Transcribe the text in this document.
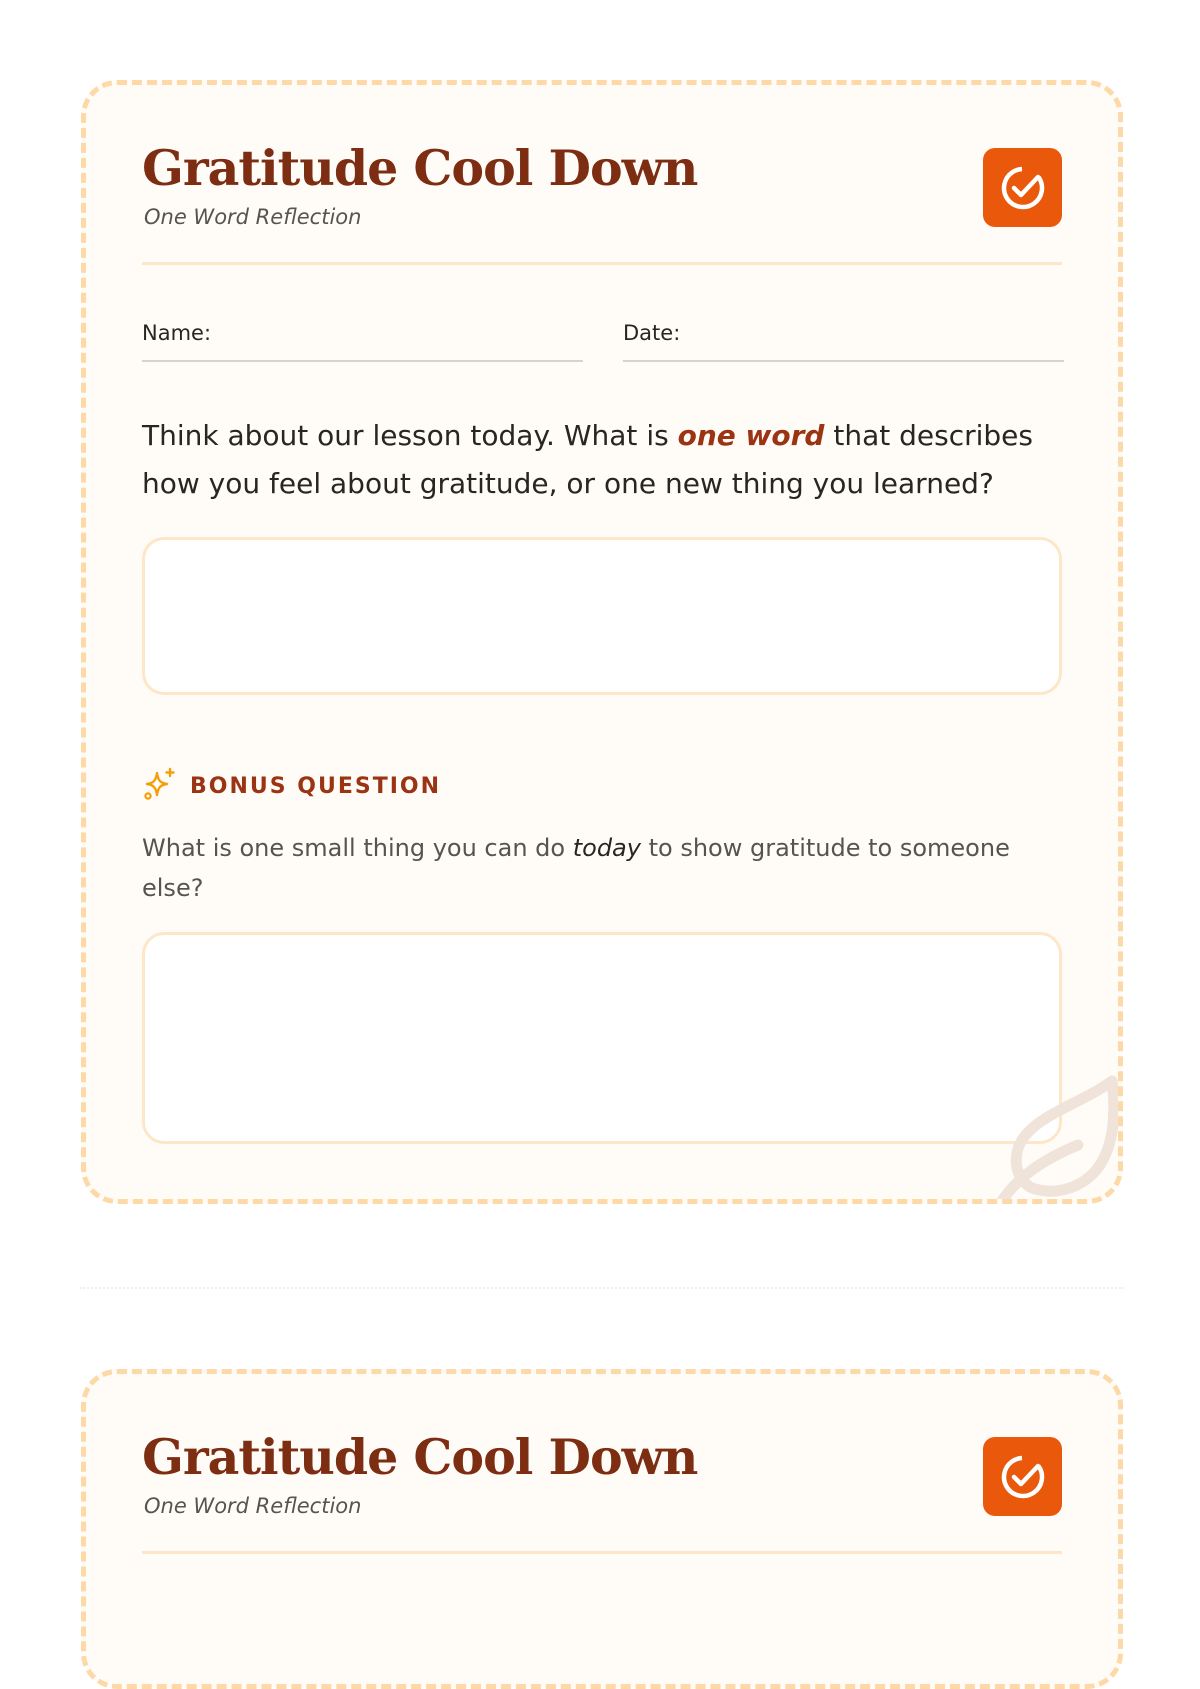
Gratitude Cool Down
One Word Reflection
Name:	Date:
Think about our lesson today. What is one word that describes how you feel about gratitude, or one new thing you learned?
BONUS QUESTION
What is one small thing you can do today to show gratitude to someone else?
Gratitude Cool Down
One Word Reflection
